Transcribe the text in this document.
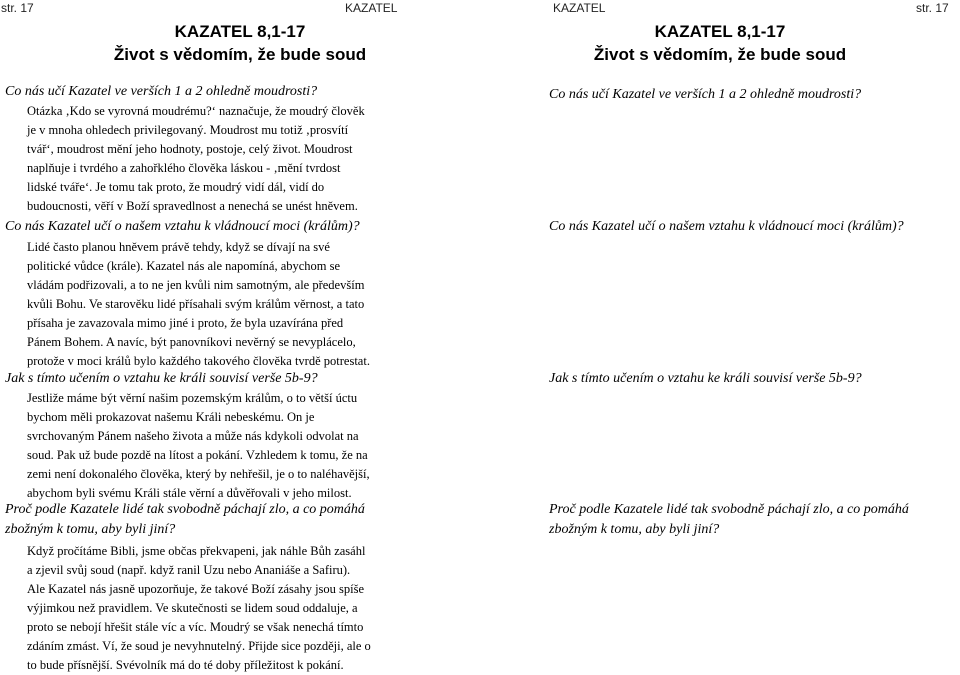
str. 17	KAZATEL
KAZATEL 8,1-17
Život s vědomím, že bude soud

Co nás učí Kazatel ve verších 1 a 2 ohledně moudrosti?

Otázka ‚Kdo se vyrovná moudrému?‘ naznačuje, že moudrý člověk
je v mnoha ohledech privilegovaný. Moudrost mu totiž ‚prosvítí
tvář‘, moudrost mění jeho hodnoty, postoje, celý život. Moudrost
naplňuje i tvrdého a zahořklého člověka láskou - ‚mění tvrdost
lidské tváře‘. Je tomu tak proto, že moudrý vidí dál, vidí do
budoucnosti, věří v Boží spravedlnost a nenechá se unést hněvem.

Co nás Kazatel učí o našem vztahu k vládnoucí moci (králům)?

Lidé často planou hněvem právě tehdy, když se dívají na své
politické vůdce (krále). Kazatel nás ale napomíná, abychom se
vládám podřizovali, a to ne jen kvůli nim samotným, ale především
kvůli Bohu. Ve starověku lidé přísahali svým králům věrnost, a tato
přísaha je zavazovala mimo jiné i proto, že byla uzavírána před
Pánem Bohem. A navíc, být panovníkovi nevěrný se nevyplácelo,
protože v moci králů bylo každého takového člověka tvrdě potrestat.

Jak s tímto učením o vztahu ke králi souvisí verše 5b-9?

Jestliže máme být věrní našim pozemským králům, o to větší úctu
bychom měli prokazovat našemu Králi nebeskému. On je
svrchovaným Pánem našeho života a může nás kdykoli odvolat na
soud. Pak už bude pozdě na lítost a pokání. Vzhledem k tomu, že na
zemi není dokonalého člověka, který by nehřešil, je o to naléhavější,
abychom byli svému Králi stále věrní a důvěřovali v jeho milost.
Proč podle Kazatele lidé tak svobodně páchají zlo, a co pomáhá
zbožným k tomu, aby byli jiní?
Když pročítáme Bibli, jsme občas překvapeni, jak náhle Bůh zasáhl
a zjevil svůj soud (např. když ranil Uzu nebo Ananiáše a Safiru).
Ale Kazatel nás jasně upozorňuje, že takové Boží zásahy jsou spíše
výjimkou než pravidlem. Ve skutečnosti se lidem soud oddaluje, a
proto se nebojí hřešit stále víc a víc. Moudrý se však nenechá tímto
zdáním zmást. Ví, že soud je nevyhnutelný. Přijde sice později, ale o
to bude přísnější. Svévolník má do té doby příležitost k pokání.
KAZATEL	str. 17
KAZATEL 8,1-17
Život s vědomím, že bude soud

Co nás učí Kazatel ve verších 1 a 2 ohledně moudrosti?

Co nás Kazatel učí o našem vztahu k vládnoucí moci (králům)?

Jak s tímto učením o vztahu ke králi souvisí verše 5b-9?

Proč podle Kazatele lidé tak svobodně páchají zlo, a co pomáhá
zbožným k tomu, aby byli jiní?
